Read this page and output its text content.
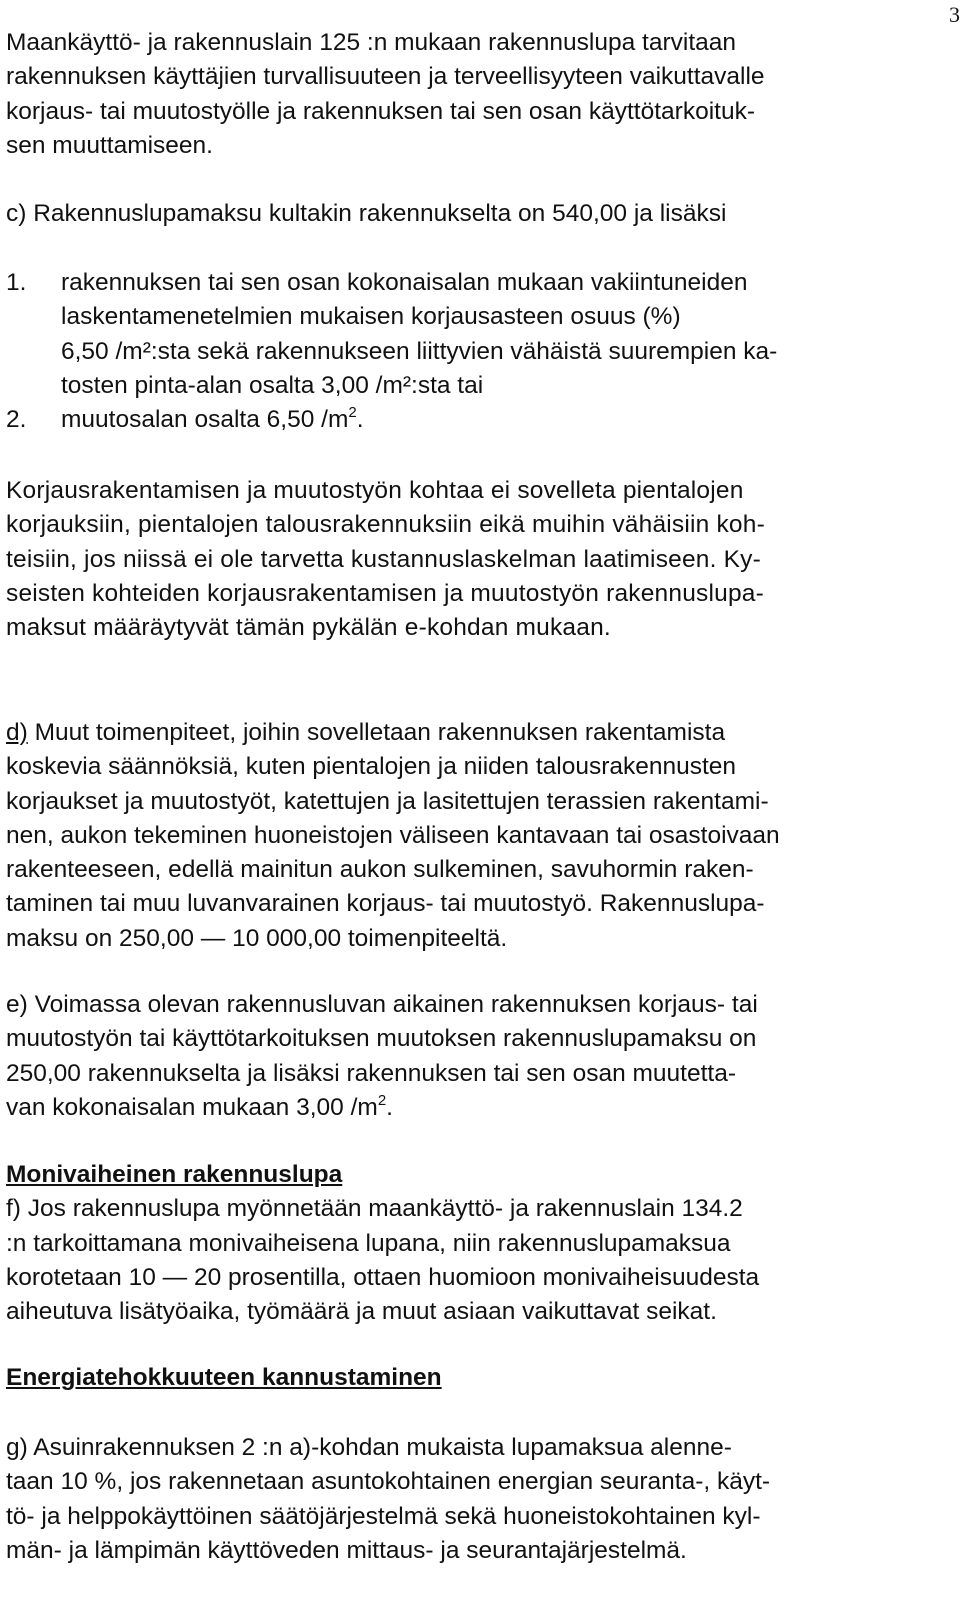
3
Maankäyttö- ja rakennuslain 125 :n mukaan rakennuslupa tarvitaan
rakennuksen käyttäjien turvallisuuteen ja terveellisyyteen vaikuttavalle
korjaus- tai muutostyölle ja rakennuksen tai sen osan käyttötarkoituk-
sen muuttamiseen.
c) Rakennuslupamaksu kultakin rakennukselta on 540,00 ja lisäksi
1. rakennuksen tai sen osan kokonaisalan mukaan vakiintuneiden
laskentamenetelmien mukaisen korjausasteen osuus (%)
6,50 /m²:sta sekä rakennukseen liittyvien vähäistä suurempien ka-
tosten pinta-alan osalta 3,00 /m²:sta tai
2. muutosalan osalta 6,50 $/m^2$.
Korjausrakentamisen ja muutostyön kohtaa ei sovelleta pientalojen
korjauksiin, pientalojen talousrakennuksiin eikä muihin vähäisiin koh-
teisiin, jos niissä ei ole tarvetta kustannuslaskelman laatimiseen. Ky-
seisten kohteiden korjausrakentamisen ja muutostyön rakennuslupa-
maksut määräytyvät tämän pykälän e-kohdan mukaan.
d) Muut toimenpiteet, joihin sovelletaan rakennuksen rakentamista
koskevia säännöksiä, kuten pientalojen ja niiden talousrakennusten
korjaukset ja muutostyöt, katettujen ja lasitettujen terassien rakentami-
nen, aukon tekeminen huoneistojen väliseen kantavaan tai osastoivaan
rakenteeseen, edellä mainitun aukon sulkeminen, savuhormin raken-
taminen tai muu luvanvarainen korjaus- tai muutostyö. Rakennuslupa-
maksu on 250,00 — 10 000,00 toimenpiteeltä.
e) Voimassa olevan rakennusluvan aikainen rakennuksen korjaus- tai
muutostyön tai käyttötarkoituksen muutoksen rakennuslupamaksu on
250,00 rakennukselta ja lisäksi rakennuksen tai sen osan muutetta-
van kokonaisalan mukaan 3,00 $/m^2$.
Monivaiheinen rakennuslupa
f) Jos rakennuslupa myönnetään maankäyttö- ja rakennuslain 134.2
:n tarkoittamana monivaiheisena lupana, niin rakennuslupamaksua
korotetaan 10 — 20 prosentilla, ottaen huomioon monivaiheisuudesta
aiheutuva lisätyöaika, työmäärä ja muut asiaan vaikuttavat seikat.
Energiatehokkuuteen kannustaminen
g) Asuinrakennuksen 2 :n a)-kohdan mukaista lupamaksua alenne-
taan 10 %, jos rakennetaan asuntokohtainen energian seuranta-, käyt-
tö- ja helppokäyttöinen säätöjärjestelmä sekä huoneistokohtainen kyl-
män- ja lämpimän käyttöveden mittaus- ja seurantajärjestelmä.
